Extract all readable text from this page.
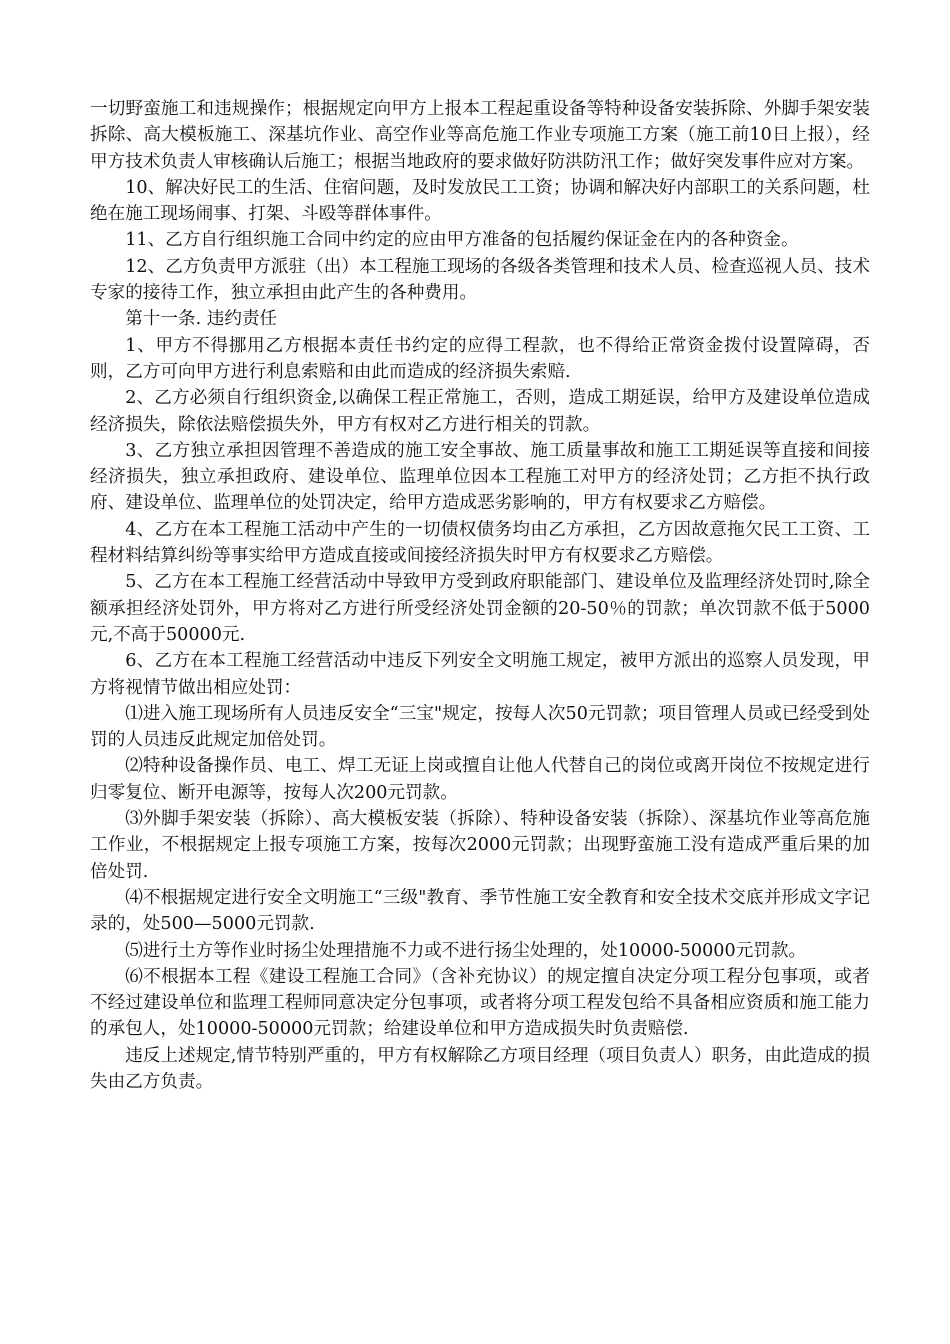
一切野蛮施工和违规操作；根据规定向甲方上报本工程起重设备等特种设备安装拆除、外脚手架安装拆除、高大模板施工、深基坑作业、高空作业等高危施工作业专项施工方案（施工前10日上报），经甲方技术负责人审核确认后施工；根据当地政府的要求做好防洪防汛工作；做好突发事件应对方案。

10、解决好民工的生活、住宿问题，及时发放民工工资；协调和解决好内部职工的关系问题，杜绝在施工现场闹事、打架、斗殴等群体事件。

11、乙方自行组织施工合同中约定的应由甲方准备的包括履约保证金在内的各种资金。

12、乙方负责甲方派驻（出）本工程施工现场的各级各类管理和技术人员、检查巡视人员、技术专家的接待工作，独立承担由此产生的各种费用。

第十一条. 违约责任

1、甲方不得挪用乙方根据本责任书约定的应得工程款，也不得给正常资金拨付设置障碍，否则，乙方可向甲方进行利息索赔和由此而造成的经济损失索赔.

2、乙方必须自行组织资金,以确保工程正常施工，否则，造成工期延误，给甲方及建设单位造成经济损失，除依法赔偿损失外，甲方有权对乙方进行相关的罚款。

3、乙方独立承担因管理不善造成的施工安全事故、施工质量事故和施工工期延误等直接和间接经济损失，独立承担政府、建设单位、监理单位因本工程施工对甲方的经济处罚；乙方拒不执行政府、建设单位、监理单位的处罚决定，给甲方造成恶劣影响的，甲方有权要求乙方赔偿。

4、乙方在本工程施工活动中产生的一切债权债务均由乙方承担，乙方因故意拖欠民工工资、工程材料结算纠纷等事实给甲方造成直接或间接经济损失时甲方有权要求乙方赔偿。

5、乙方在本工程施工经营活动中导致甲方受到政府职能部门、建设单位及监理经济处罚时,除全额承担经济处罚外，甲方将对乙方进行所受经济处罚金额的20-50％的罚款；单次罚款不低于5000元,不高于50000元.

6、乙方在本工程施工经营活动中违反下列安全文明施工规定，被甲方派出的巡察人员发现，甲方将视情节做出相应处罚：

⑴进入施工现场所有人员违反安全“三宝"规定，按每人次50元罚款；项目管理人员或已经受到处罚的人员违反此规定加倍处罚。

⑵特种设备操作员、电工、焊工无证上岗或擅自让他人代替自己的岗位或离开岗位不按规定进行归零复位、断开电源等，按每人次200元罚款。

⑶外脚手架安装（拆除）、高大模板安装（拆除）、特种设备安装（拆除）、深基坑作业等高危施工作业，不根据规定上报专项施工方案，按每次2000元罚款；出现野蛮施工没有造成严重后果的加倍处罚.

⑷不根据规定进行安全文明施工“三级"教育、季节性施工安全教育和安全技术交底并形成文字记录的，处500—5000元罚款.

⑸进行土方等作业时扬尘处理措施不力或不进行扬尘处理的，处10000-50000元罚款。

⑹不根据本工程《建设工程施工合同》（含补充协议）的规定擅自决定分项工程分包事项，或者不经过建设单位和监理工程师同意决定分包事项，或者将分项工程发包给不具备相应资质和施工能力的承包人，处10000-50000元罚款；给建设单位和甲方造成损失时负责赔偿.

违反上述规定,情节特别严重的，甲方有权解除乙方项目经理（项目负责人）职务，由此造成的损失由乙方负责。
